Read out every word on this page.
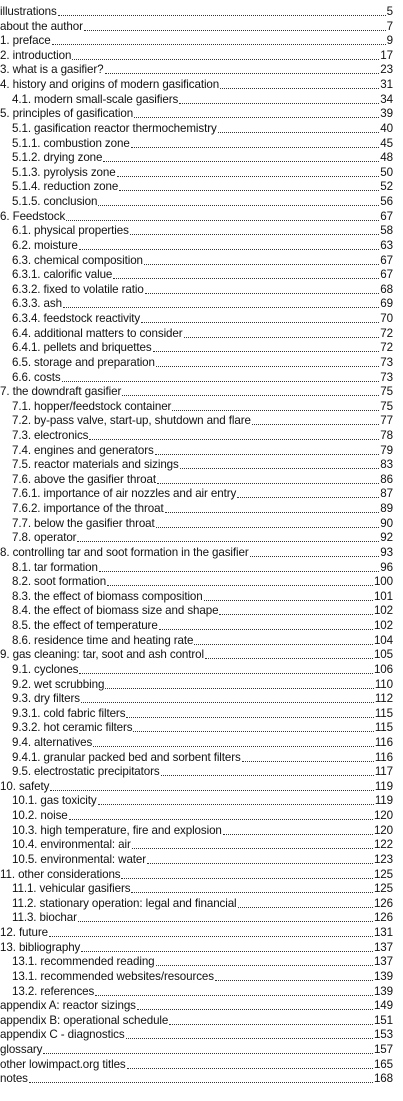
illustrations	5
about the author	7
1. preface	9
2. introduction	17
3. what is a gasifier?	23
4. history and origins of modern gasification	31
4.1. modern small-scale gasifiers	34
5. principles of gasification	39
5.1. gasification reactor thermochemistry	40
5.1.1. combustion zone	45
5.1.2. drying zone	48
5.1.3. pyrolysis zone	50
5.1.4. reduction zone	52
5.1.5. conclusion	56
6. Feedstock	67
6.1. physical properties	58
6.2. moisture	63
6.3. chemical composition	67
6.3.1. calorific value	67
6.3.2. fixed to volatile ratio	68
6.3.3. ash	69
6.3.4. feedstock reactivity	70
6.4. additional matters to consider	72
6.4.1. pellets and briquettes	72
6.5. storage and preparation	73
6.6. costs	73
7. the downdraft gasifier	75
7.1. hopper/feedstock container	75
7.2. by-pass valve, start-up, shutdown and flare	77
7.3. electronics	78
7.4. engines and generators	79
7.5. reactor materials and sizings	83
7.6. above the gasifier throat	86
7.6.1. importance of air nozzles and air entry	87
7.6.2. importance of the throat	89
7.7. below the gasifier throat	90
7.8. operator	92
8. controlling tar and soot formation in the gasifier	93
8.1. tar formation	96
8.2. soot formation	100
8.3. the effect of biomass composition	101
8.4. the effect of biomass size and shape	102
8.5. the effect of temperature	102
8.6. residence time and heating rate	104
9. gas cleaning: tar, soot and ash control	105
9.1. cyclones	106
9.2. wet scrubbing	110
9.3. dry filters	112
9.3.1. cold fabric filters	115
9.3.2. hot ceramic filters	115
9.4. alternatives	116
9.4.1. granular packed bed and sorbent filters	116
9.5. electrostatic precipitators	117
10. safety	119
10.1. gas toxicity	119
10.2. noise	120
10.3. high temperature, fire and explosion	120
10.4. environmental: air	122
10.5. environmental: water	123
11. other considerations	125
11.1. vehicular gasifiers	125
11.2. stationary operation: legal and financial	126
11.3. biochar	126
12. future	131
13. bibliography	137
13.1. recommended reading	137
13.1. recommended websites/resources	139
13.2. references	139
appendix A: reactor sizings	149
appendix B: operational schedule	151
appendix C - diagnostics	153
glossary	157
other lowimpact.org titles	165
notes	168
